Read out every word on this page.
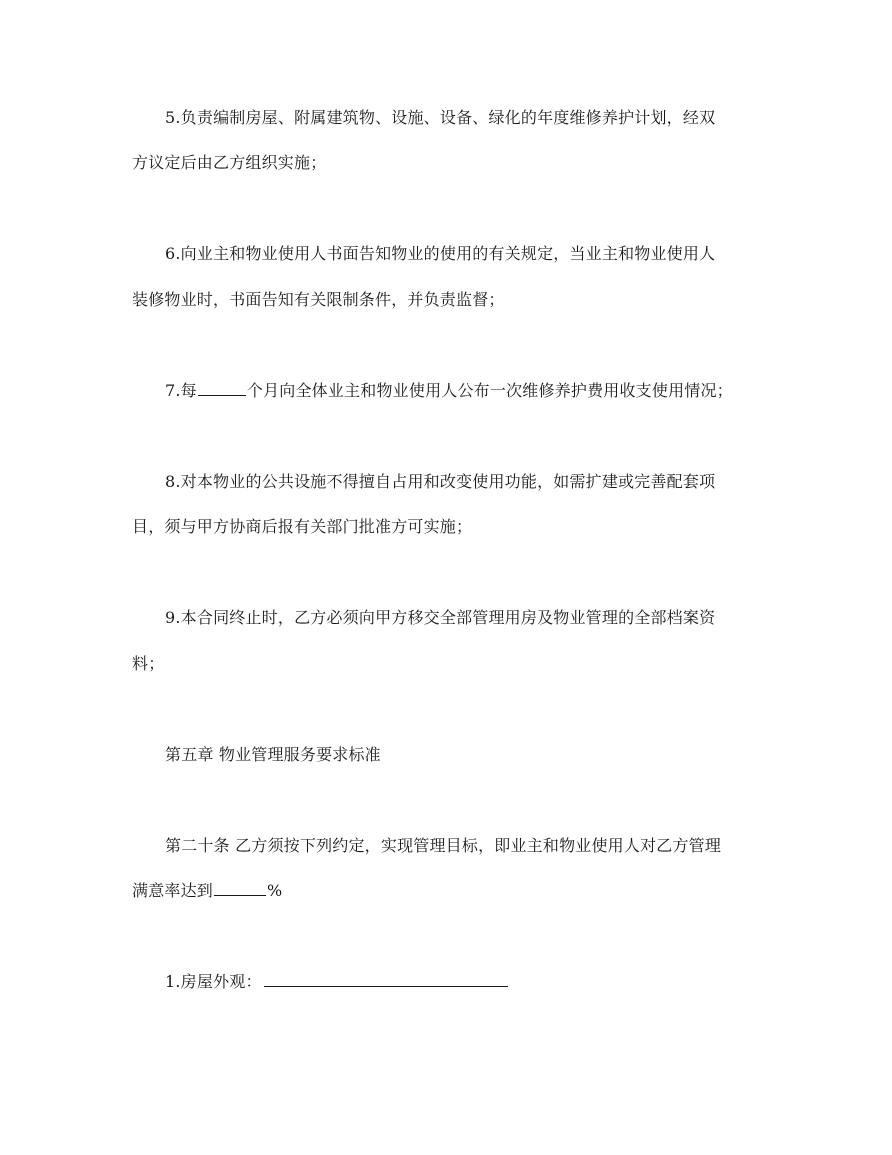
5.负责编制房屋、附属建筑物、设施、设备、绿化的年度维修养护计划，经双
方议定后由乙方组织实施；
6.向业主和物业使用人书面告知物业的使用的有关规定，当业主和物业使用人
装修物业时，书面告知有关限制条件，并负责监督；
7.每	个月向全体业主和物业使用人公布一次维修养护费用收支使用情况；
8.对本物业的公共设施不得擅自占用和改变使用功能，如需扩建或完善配套项
目，须与甲方协商后报有关部门批准方可实施；
9.本合同终止时，乙方必须向甲方移交全部管理用房及物业管理的全部档案资
料；
第五章 物业管理服务要求标准
第二十条 乙方须按下列约定，实现管理目标，即业主和物业使用人对乙方管理
满意率达到	%
1.房屋外观：
